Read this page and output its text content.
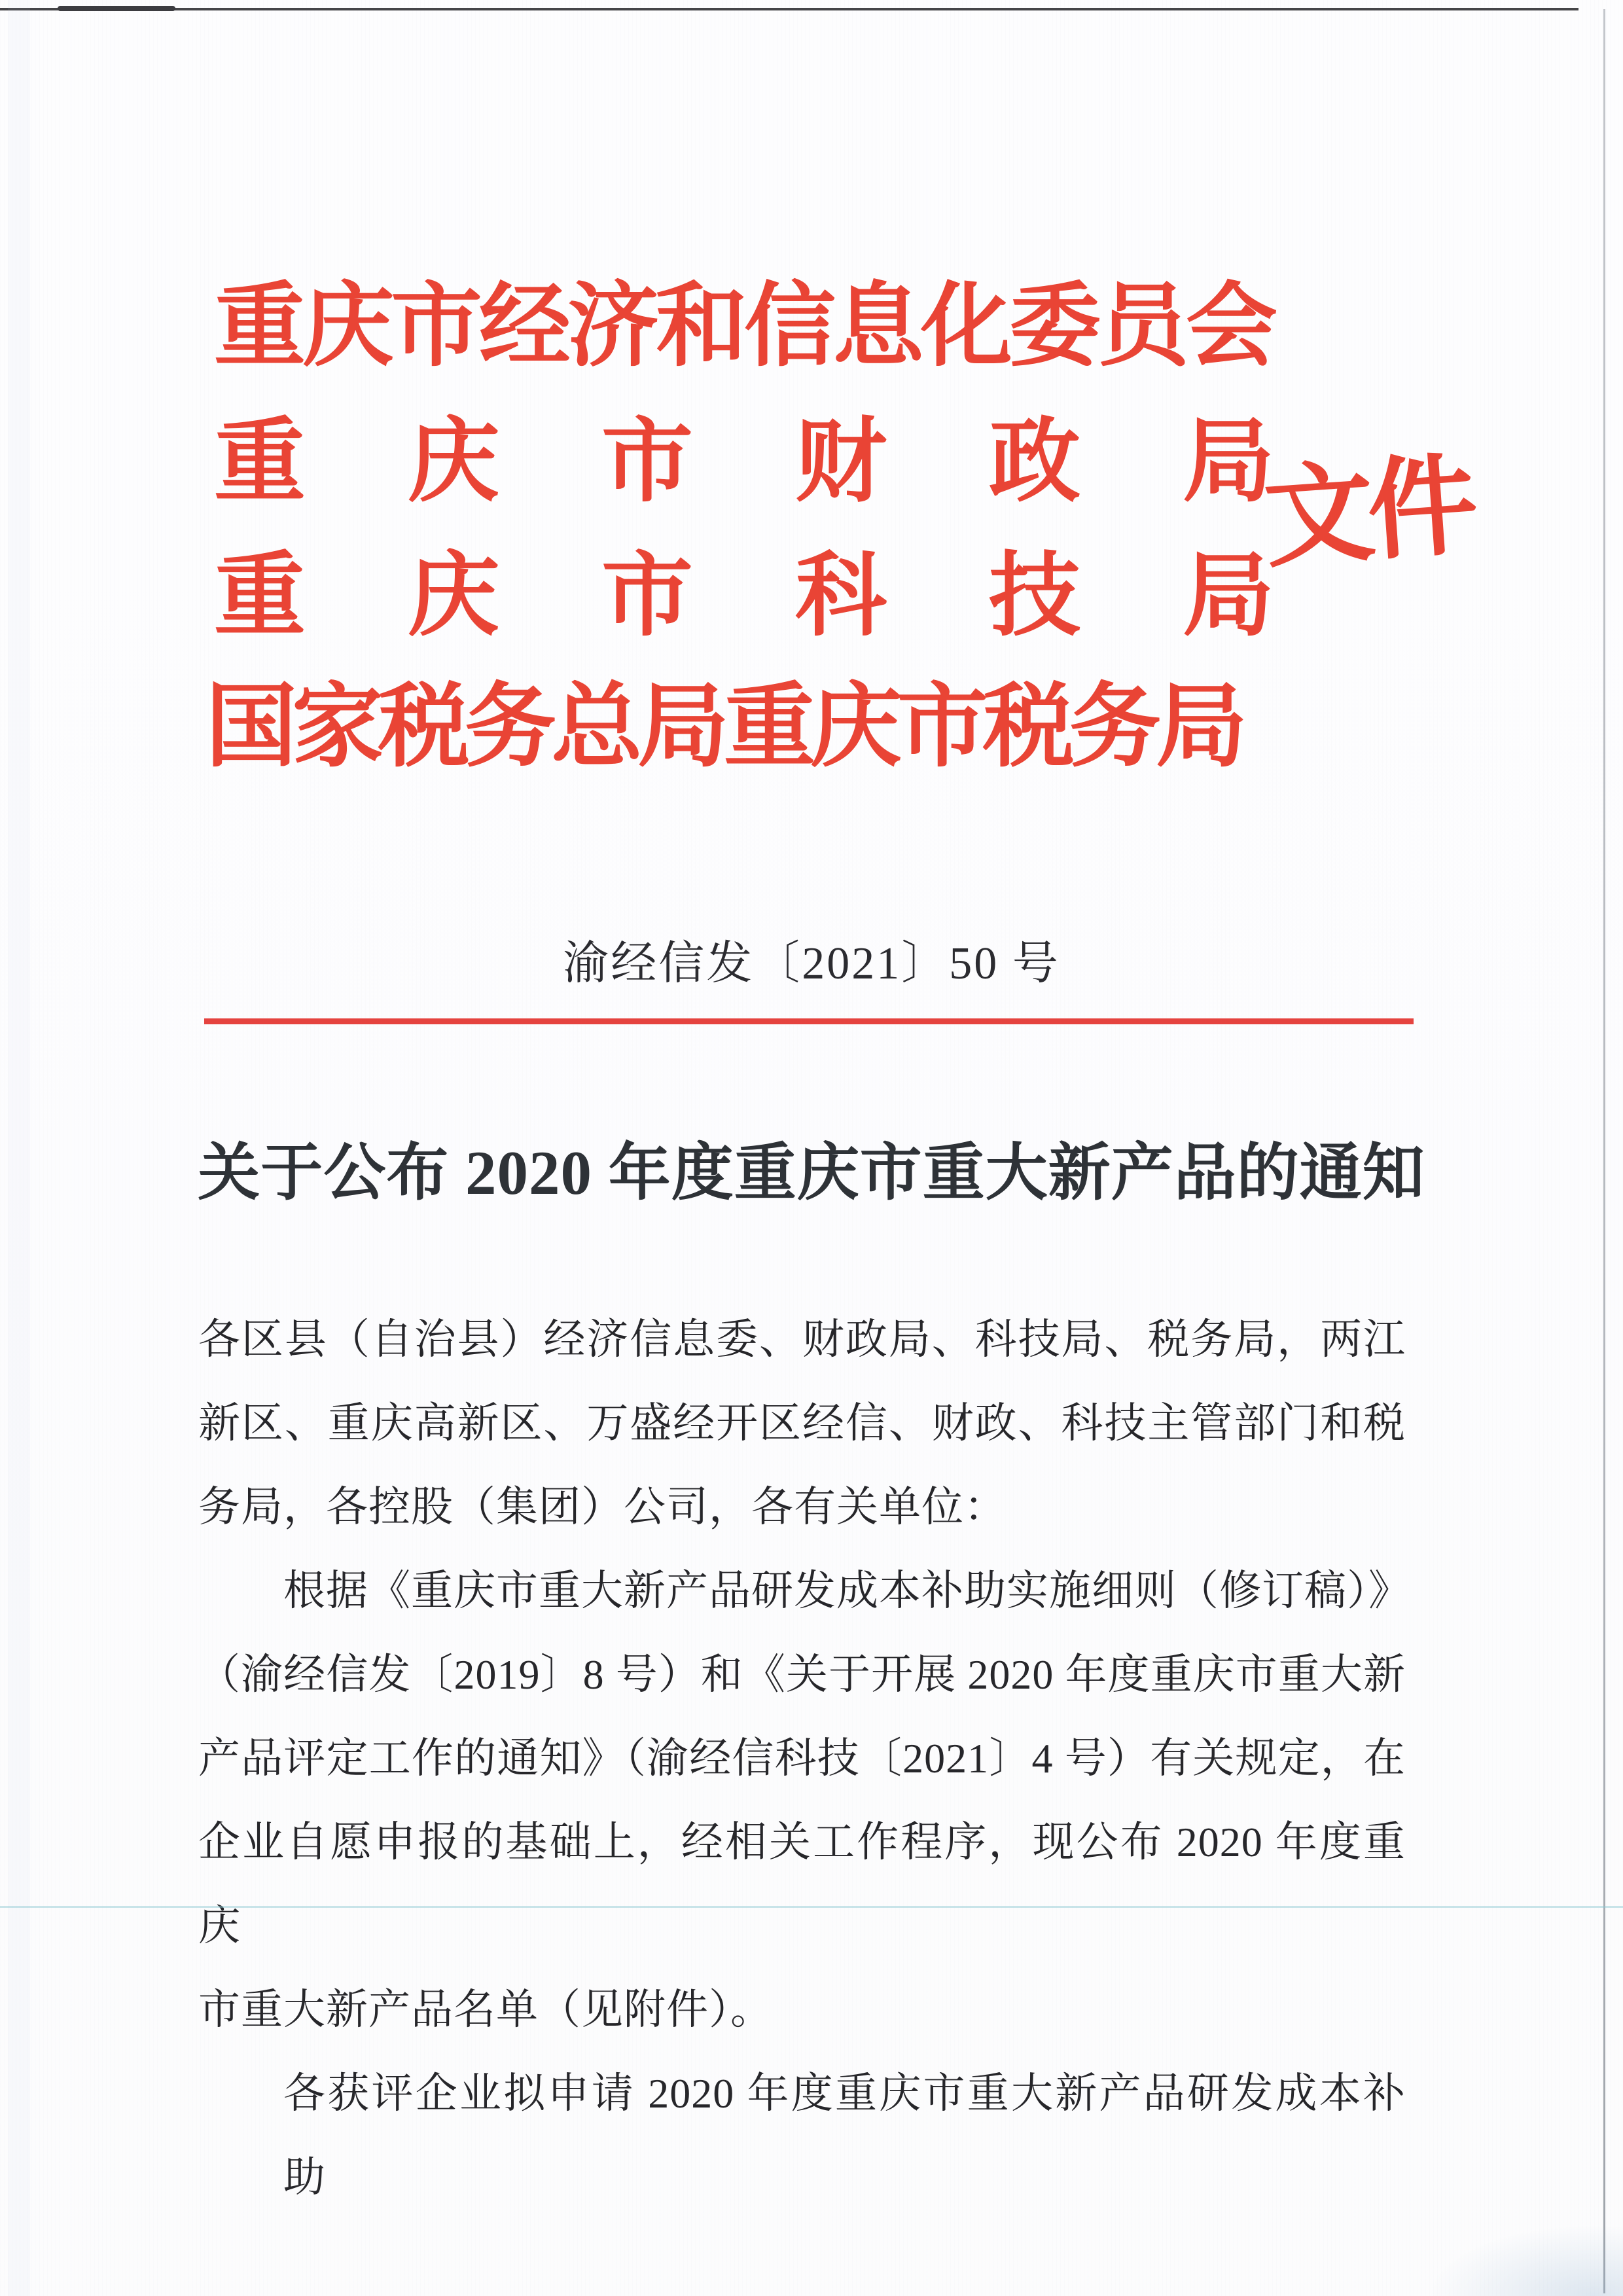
重庆市经济和信息化委员会
重庆市财政局
重庆市科技局
国家税务总局重庆市税务局
文件
渝经信发〔2021〕50 号
关于公布 2020 年度重庆市重大新产品的通知
各区县（自治县）经济信息委、财政局、科技局、税务局，两江
新区、重庆高新区、万盛经开区经信、财政、科技主管部门和税
务局，各控股（集团）公司，各有关单位：
根据《重庆市重大新产品研发成本补助实施细则（修订稿）》
（渝经信发〔2019〕8 号）和《关于开展 2020 年度重庆市重大新
产品评定工作的通知》（渝经信科技〔2021〕4 号）有关规定，在
企业自愿申报的基础上，经相关工作程序，现公布 2020 年度重庆
市重大新产品名单（见附件）。
各获评企业拟申请 2020 年度重庆市重大新产品研发成本补助
